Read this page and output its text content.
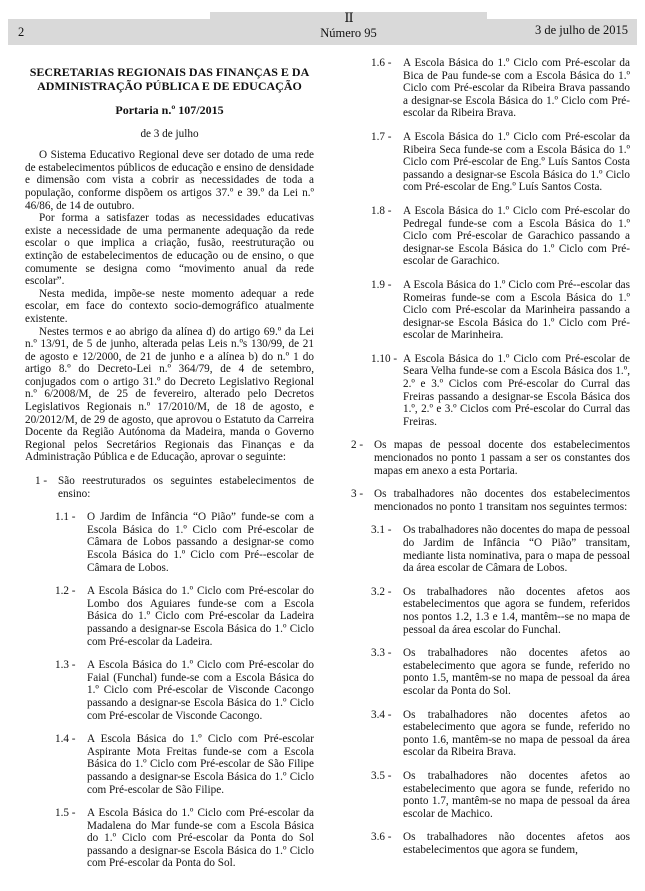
II
Número 95
2	3 de julho de 2015
SECRETARIAS REGIONAIS DAS FINANÇAS E DA ADMINISTRAÇÃO PÚBLICA E DE EDUCAÇÃO
Portaria n.º 107/2015
de 3 de julho
O Sistema Educativo Regional deve ser dotado de uma rede de estabelecimentos públicos de educação e ensino de densidade e dimensão com vista a cobrir as necessidades de toda a população, conforme dispõem os artigos 37.º e 39.º da Lei n.º 46/86, de 14 de outubro.
Por forma a satisfazer todas as necessidades educativas existe a necessidade de uma permanente adequação da rede escolar o que implica a criação, fusão, reestruturação ou extinção de estabelecimentos de educação ou de ensino, o que comumente se designa como “movimento anual da rede escolar”.
Nesta medida, impõe-se neste momento adequar a rede escolar, em face do contexto socio-demográfico atualmente existente.
Nestes termos e ao abrigo da alínea d) do artigo 69.º da Lei n.º 13/91, de 5 de junho, alterada pelas Leis n.ºs 130/99, de 21 de agosto e 12/2000, de 21 de junho e a alínea b) do n.º 1 do artigo 8.º do Decreto-Lei n.º 364/79, de 4 de setembro, conjugados com o artigo 31.º do Decreto Legislativo Regional n.º 6/2008/M, de 25 de fevereiro, alterado pelo Decretos Legislativos Regionais n.º 17/2010/M, de 18 de agosto, e 20/2012/M, de 29 de agosto, que aprovou o Estatuto da Carreira Docente da Região Autónoma da Madeira, manda o Governo Regional pelos Secretários Regionais das Finanças e da Administração Pública e de Educação, aprovar o seguinte:
1 - São reestruturados os seguintes estabelecimentos de ensino:
1.1 -	O Jardim de Infância “O Pião” funde-se com a Escola Básica do 1.º Ciclo com Pré-escolar de Câmara de Lobos passando a designar-se como Escola Básica do 1.º Ciclo com Pré--escolar de Câmara de Lobos.
1.2 -	A Escola Básica do 1.º Ciclo com Pré-escolar do Lombo dos Aguiares funde-se com a Escola Básica do 1.º Ciclo com Pré-escolar da Ladeira passando a designar-se Escola Básica do 1.º Ciclo com Pré-escolar da Ladeira.
1.3 -	A Escola Básica do 1.º Ciclo com Pré-escolar do Faial (Funchal) funde-se com a Escola Básica do 1.º Ciclo com Pré-escolar de Visconde Cacongo passando a designar-se Escola Básica do 1.º Ciclo com Pré-escolar de Visconde Cacongo.
1.4 -	A Escola Básica do 1.º Ciclo com Pré-escolar Aspirante Mota Freitas funde-se com a Escola Básica do 1.º Ciclo com Pré-escolar de São Filipe passando a designar-se Escola Básica do 1.º Ciclo com Pré-escolar de São Filipe.
1.5 -	A Escola Básica do 1.º Ciclo com Pré-escolar da Madalena do Mar funde-se com a Escola Básica do 1.º Ciclo com Pré-escolar da Ponta do Sol passando a designar-se Escola Básica do 1.º Ciclo com Pré-escolar da Ponta do Sol.
1.6 -	A Escola Básica do 1.º Ciclo com Pré-escolar da Bica de Pau funde-se com a Escola Básica do 1.º Ciclo com Pré-escolar da Ribeira Brava passando a designar-se Escola Básica do 1.º Ciclo com Pré-escolar da Ribeira Brava.
1.7 -	A Escola Básica do 1.º Ciclo com Pré-escolar da Ribeira Seca funde-se com a Escola Básica do 1.º Ciclo com Pré-escolar de Eng.º Luís Santos Costa passando a designar-se Escola Básica do 1.º Ciclo com Pré-escolar de Eng.º Luís Santos Costa.
1.8 -	A Escola Básica do 1.º Ciclo com Pré-escolar do Pedregal funde-se com a Escola Básica do 1.º Ciclo com Pré-escolar de Garachico passando a designar-se Escola Básica do 1.º Ciclo com Pré-escolar de Garachico.
1.9 -	A Escola Básica do 1.º Ciclo com Pré--escolar das Romeiras funde-se com a Escola Básica do 1.º Ciclo com Pré-escolar da Marinheira passando a designar-se Escola Básica do 1.º Ciclo com Pré-escolar de Marinheira.
1.10 - A Escola Básica do 1.º Ciclo com Pré-escolar de Seara Velha funde-se com a Escola Básica dos 1.º, 2.º e 3.º Ciclos com Pré-escolar do Curral das Freiras passando a designar-se Escola Básica dos 1.º, 2.º e 3.º Ciclos com Pré-escolar do Curral das Freiras.
2 - Os mapas de pessoal docente dos estabelecimentos mencionados no ponto 1 passam a ser os constantes dos mapas em anexo a esta Portaria.
3 - Os trabalhadores não docentes dos estabelecimentos mencionados no ponto 1 transitam nos seguintes termos:
3.1 -	Os trabalhadores não docentes do mapa de pessoal do Jardim de Infância “O Pião” transitam, mediante lista nominativa, para o mapa de pessoal da área escolar de Câmara de Lobos.
3.2 -	Os trabalhadores não docentes afetos aos estabelecimentos que agora se fundem, referidos nos pontos 1.2, 1.3 e 1.4, mantêm--se no mapa de pessoal da área escolar do Funchal.
3.3 -	Os trabalhadores não docentes afetos ao estabelecimento que agora se funde, referido no ponto 1.5, mantêm-se no mapa de pessoal da área escolar da Ponta do Sol.
3.4 -	Os trabalhadores não docentes afetos ao estabelecimento que agora se funde, referido no ponto 1.6, mantêm-se no mapa de pessoal da área escolar da Ribeira Brava.
3.5 -	Os trabalhadores não docentes afetos ao estabelecimento que agora se funde, referido no ponto 1.7, mantêm-se no mapa de pessoal da área escolar de Machico.
3.6 -	Os trabalhadores não docentes afetos aos estabelecimentos que agora se fundem,
